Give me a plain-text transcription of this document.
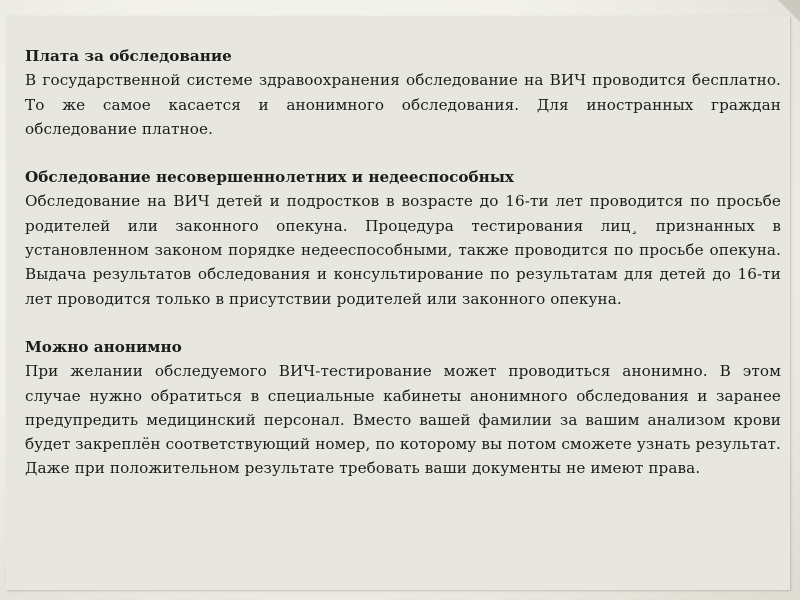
Плата за обследование
В государственной системе здравоохранения обследование на ВИЧ проводится бесплатно. То же самое касается и анонимного обследования. Для иностранных граждан обследование платное.
Обследование несовершеннолетних и недееспособных
Обследование на ВИЧ детей и подростков в возрасте до 16-ти лет проводится по просьбе родителей или законного опекуна. Процедура тестирования лиц¸ признанных в установленном законом порядке недееспособными, также проводится по просьбе опекуна. Выдача результатов обследования и консультирование по результатам для детей до 16-ти лет проводится только в присутствии родителей или законного опекуна.
Можно анонимно
При желании обследуемого ВИЧ-тестирование может проводиться анонимно. В этом случае нужно обратиться в специальные кабинеты анонимного обследования и заранее предупредить медицинский персонал. Вместо вашей фамилии за вашим анализом крови будет закреплён соответствующий номер, по которому вы потом сможете узнать результат. Даже при положительном результате требовать ваши документы не имеют права.
